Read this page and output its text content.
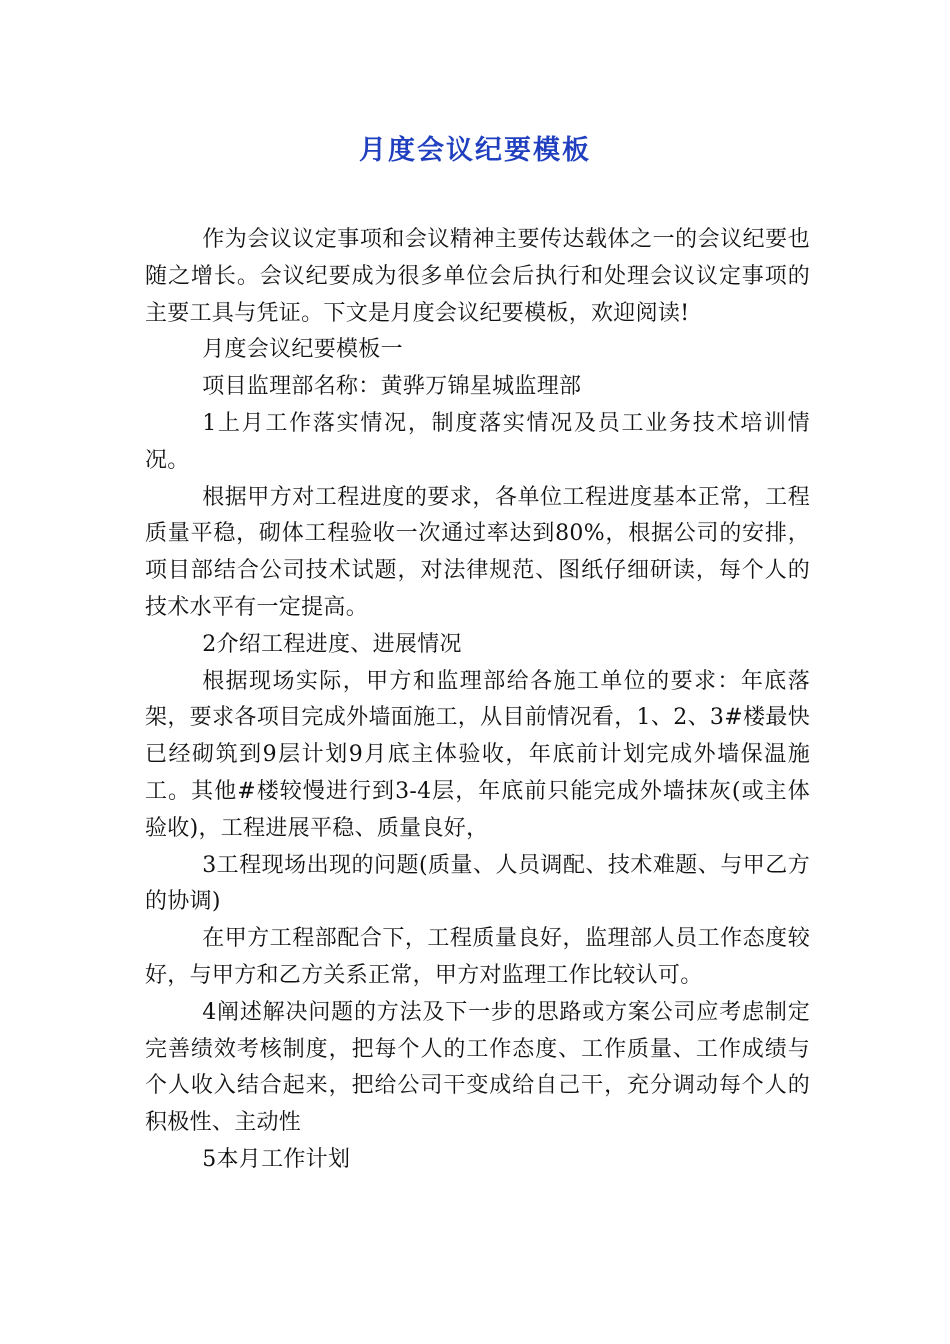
月度会议纪要模板

作为会议议定事项和会议精神主要传达载体之一的会议纪要也随之增长。会议纪要成为很多单位会后执行和处理会议议定事项的主要工具与凭证。下文是月度会议纪要模板，欢迎阅读!

月度会议纪要模板一

项目监理部名称：黄骅万锦星城监理部

1上月工作落实情况，制度落实情况及员工业务技术培训情况。

根据甲方对工程进度的要求，各单位工程进度基本正常，工程质量平稳，砌体工程验收一次通过率达到80%，根据公司的安排，项目部结合公司技术试题，对法律规范、图纸仔细研读，每个人的技术水平有一定提高。

2介绍工程进度、进展情况

根据现场实际，甲方和监理部给各施工单位的要求：年底落架，要求各项目完成外墙面施工，从目前情况看，1、2、3#楼最快已经砌筑到9层计划9月底主体验收，年底前计划完成外墙保温施工。其他#楼较慢进行到3-4层，年底前只能完成外墙抹灰(或主体验收)，工程进展平稳、质量良好，

3工程现场出现的问题(质量、人员调配、技术难题、与甲乙方的协调)

在甲方工程部配合下，工程质量良好，监理部人员工作态度较好，与甲方和乙方关系正常，甲方对监理工作比较认可。

4阐述解决问题的方法及下一步的思路或方案公司应考虑制定完善绩效考核制度，把每个人的工作态度、工作质量、工作成绩与个人收入结合起来，把给公司干变成给自己干，充分调动每个人的积极性、主动性

5本月工作计划
